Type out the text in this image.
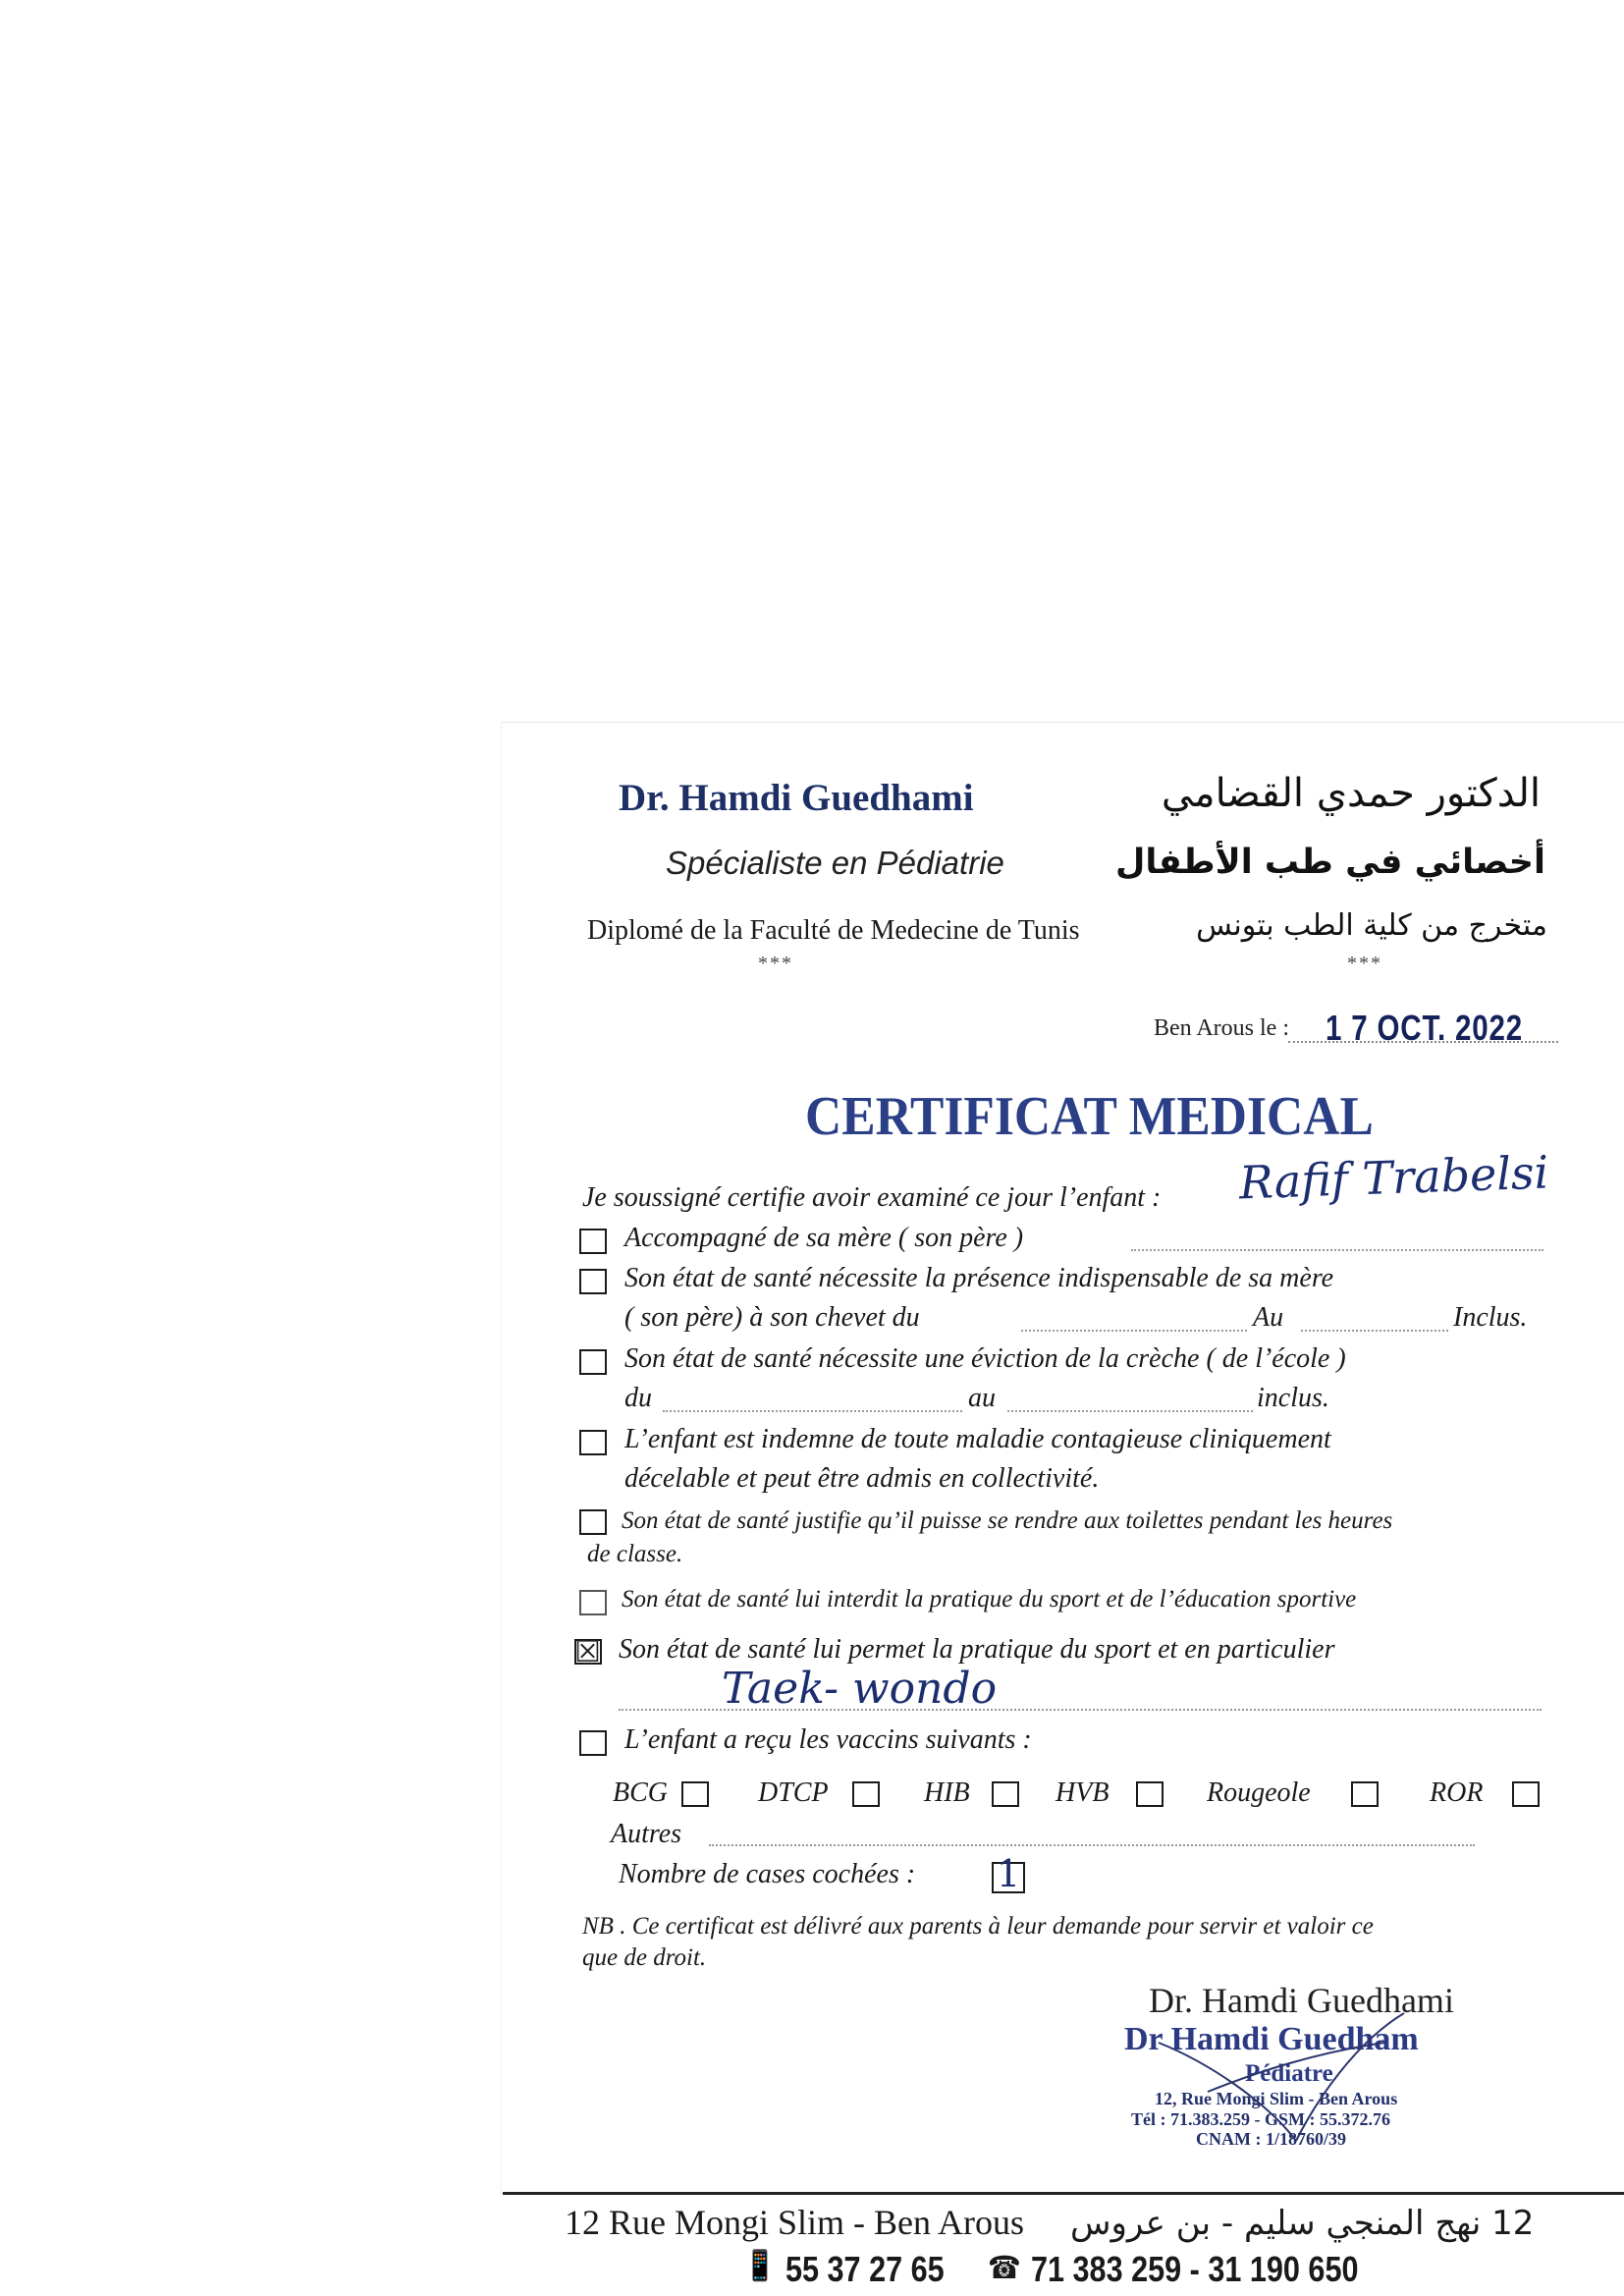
Dr. Hamdi Guedhami
Spécialiste en Pédiatrie
Diplomé de la Faculté de Medecine de Tunis
***
الدكتور حمدي القضامي
أخصائي في طب الأطفال
متخرج من كلية الطب بتونس
***
Ben Arous le : 1 7 OCT. 2022
CERTIFICAT MEDICAL
Je soussigné certifie avoir examiné ce jour l’enfant : Rafif Trabelsi
Accompagné de sa mère ( son père )
Son état de santé nécessite la présence indispensable de sa mère
( son père) à son chevet du	Au	Inclus.
Son état de santé nécessite une éviction de la crèche ( de l’école )
du	au	inclus.
L’enfant est indemne de toute maladie contagieuse cliniquement
décelable et peut être admis en collectivité.
Son état de santé justifie qu’il puisse se rendre aux toilettes pendant les heures
de classe.
Son état de santé lui interdit la pratique du sport et de l’éducation sportive
☒ Son état de santé lui permet la pratique du sport et en particulier
Taek- wondo
L’enfant a reçu les vaccins suivants :
BCG	DTCP	HIB	HVB	Rougeole	ROR
Autres
Nombre de cases cochées : 1
NB . Ce certificat est délivré aux parents à leur demande pour servir et valoir ce
que de droit.
Dr. Hamdi Guedhami
Dr Hamdi Guedham
Pédiatre
12, Rue Mongi Slim - Ben Arous
Tél : 71.383.259 - GSM : 55.372.76
CNAM : 1/18760/39
12 Rue Mongi Slim - Ben Arous 12 نهج المنجي سليم - بن عروس
📱 55 37 27 65 ☎ 71 383 259 - 31 190 650
